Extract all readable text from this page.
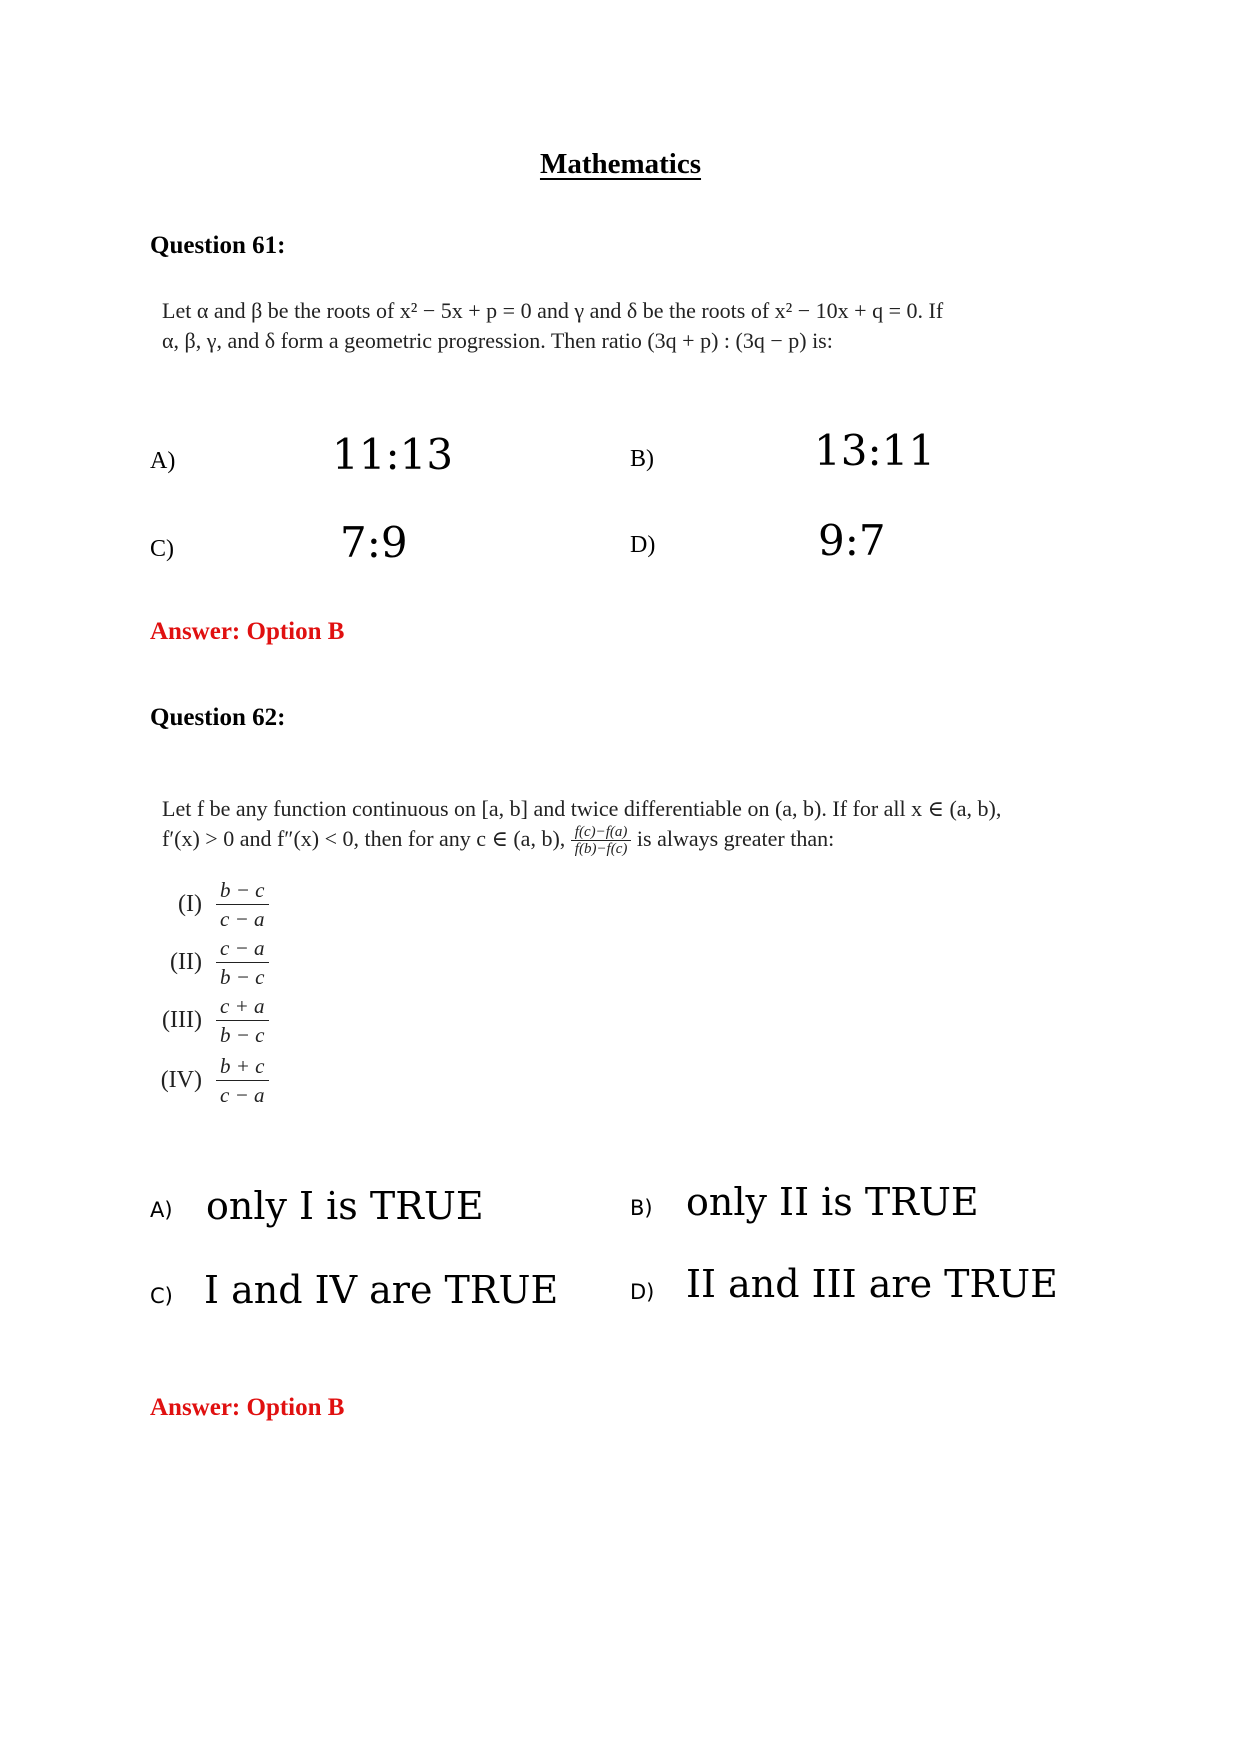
Mathematics
Question 61:
Let α and β be the roots of x² − 5x + p = 0 and γ and δ be the roots of x² − 10x + q = 0. If
α, β, γ, and δ form a geometric progression. Then ratio (3q + p) : (3q − p) is:
A)	11:13	B)	13:11
C)	7:9	D)	9:7
Answer: Option B
Question 62:
Let f be any function continuous on [a, b] and twice differentiable on (a, b). If for all x ∈ (a, b),
f′(x) > 0 and f″(x) < 0, then for any c ∈ (a, b), $\frac{f(c)-f(a)}{f(b)-f(c)}$ is always greater than:
$(I) \frac{b - c}{c - a}$
$(II) \frac{c - a}{b - c}$
$(III) \frac{c + a}{b - c}$
$(IV) \frac{b + c}{c - a}$
A) only I is TRUE	B) only II is TRUE
C) I and IV are TRUE	D) II and III are TRUE
Answer: Option B
